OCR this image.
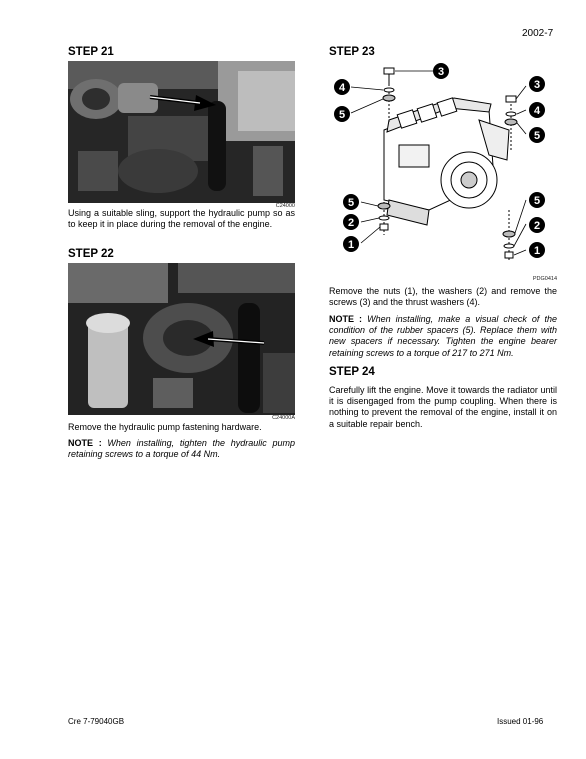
2002-7
STEP 21
C24000
Using a suitable sling, support the hydraulic pump so as to keep it in place during the removal of the engine.
STEP 22
C24000A
Remove the hydraulic pump fastening hardware.
NOTE : When installing, tighten the hydraulic pump retaining screws to a torque of 44 Nm.
STEP 23
3
4
5
3
4
5
5
2
1
5
2
1
PDG0414
Remove the nuts (1), the washers (2) and remove the screws (3) and the thrust washers (4).
NOTE : When installing, make a visual check of the condition of the rubber spacers (5). Replace them with new spacers if necessary. Tighten the engine bearer retaining screws to a torque of 217 to 271 Nm.
STEP 24
Carefully lift the engine. Move it towards the radiator until it is disengaged from the pump coupling. When there is nothing to prevent the removal of the engine, install it on a suitable repair bench.
Cre 7-79040GB	Issued 01-96
